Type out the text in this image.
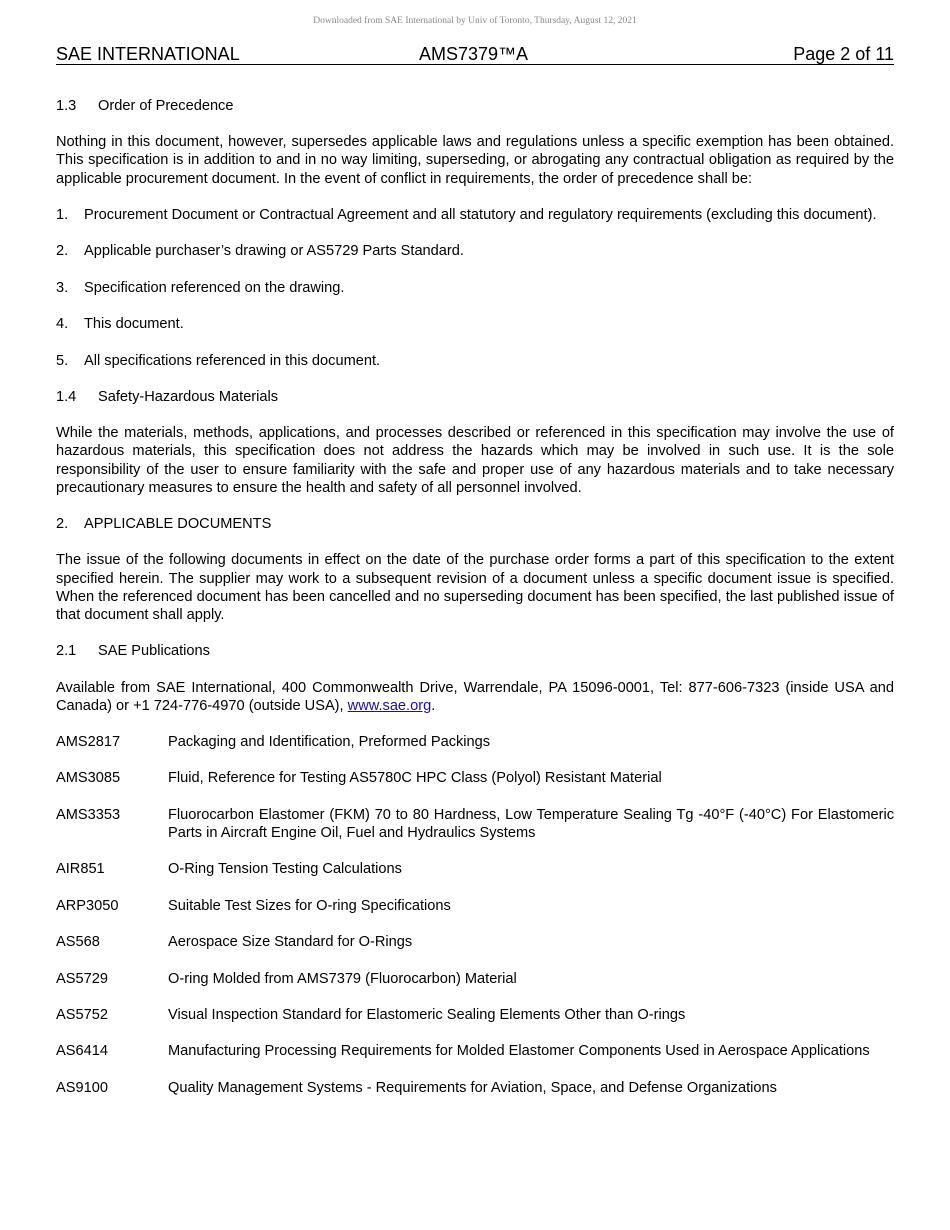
Downloaded from SAE International by Univ of Toronto, Thursday, August 12, 2021
SAE INTERNATIONAL	AMS7379™A	Page 2 of 11
1.3 Order of Precedence

Nothing in this document, however, supersedes applicable laws and regulations unless a specific exemption has been obtained. This specification is in addition to and in no way limiting, superseding, or abrogating any contractual obligation as required by the applicable procurement document. In the event of conflict in requirements, the order of precedence shall be:

1. Procurement Document or Contractual Agreement and all statutory and regulatory requirements (excluding this document).
2. Applicable purchaser’s drawing or AS5729 Parts Standard.
3. Specification referenced on the drawing.
4. This document.
5. All specifications referenced in this document.
1.4 Safety-Hazardous Materials

While the materials, methods, applications, and processes described or referenced in this specification may involve the use of hazardous materials, this specification does not address the hazards which may be involved in such use. It is the sole responsibility of the user to ensure familiarity with the safe and proper use of any hazardous materials and to take necessary precautionary measures to ensure the health and safety of all personnel involved.

2. APPLICABLE DOCUMENTS

The issue of the following documents in effect on the date of the purchase order forms a part of this specification to the extent specified herein. The supplier may work to a subsequent revision of a document unless a specific document issue is specified. When the referenced document has been cancelled and no superseding document has been specified, the last published issue of that document shall apply.

2.1 SAE Publications

Available from SAE International, 400 Commonwealth Drive, Warrendale, PA 15096-0001, Tel: 877-606-7323 (inside USA and Canada) or +1 724-776-4970 (outside USA), www.sae.org.

AMS2817	Packaging and Identification, Preformed Packings
AMS3085	Fluid, Reference for Testing AS5780C HPC Class (Polyol) Resistant Material
AMS3353	Fluorocarbon Elastomer (FKM) 70 to 80 Hardness, Low Temperature Sealing Tg -40°F (-40°C) For Elastomeric Parts in Aircraft Engine Oil, Fuel and Hydraulics Systems
AIR851	O-Ring Tension Testing Calculations
ARP3050	Suitable Test Sizes for O-ring Specifications
AS568	Aerospace Size Standard for O-Rings
AS5729	O-ring Molded from AMS7379 (Fluorocarbon) Material
AS5752	Visual Inspection Standard for Elastomeric Sealing Elements Other than O-rings
AS6414	Manufacturing Processing Requirements for Molded Elastomer Components Used in Aerospace Applications
AS9100	Quality Management Systems - Requirements for Aviation, Space, and Defense Organizations
